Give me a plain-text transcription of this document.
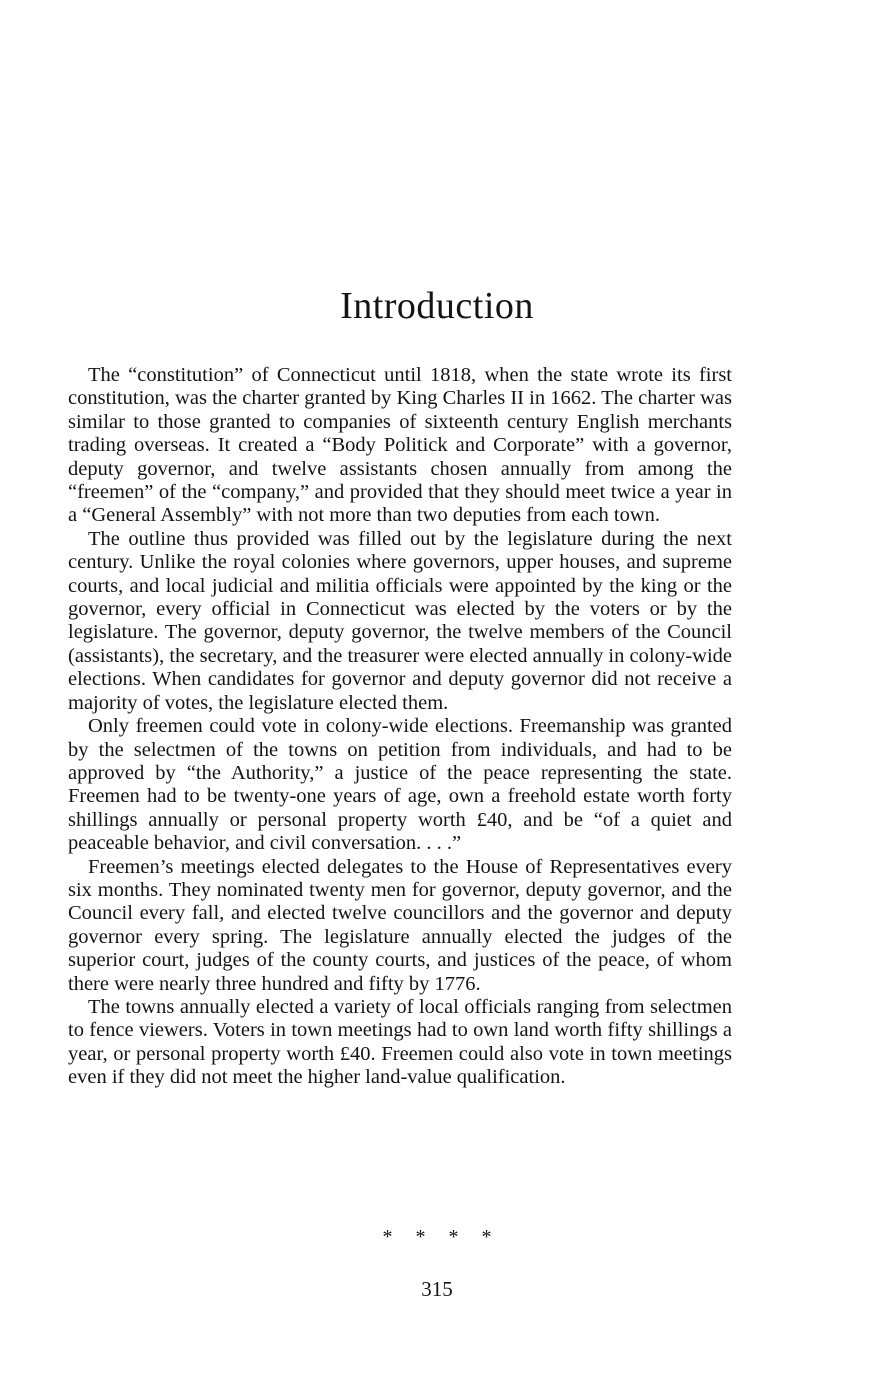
Introduction

The “constitution” of Connecticut until 1818, when the state wrote its first constitution, was the charter granted by King Charles II in 1662. The charter was similar to those granted to companies of sixteenth century English merchants trading overseas. It created a “Body Politick and Corporate” with a governor, deputy governor, and twelve assistants chosen annually from among the “freemen” of the “company,” and provided that they should meet twice a year in a “General Assembly” with not more than two deputies from each town.

The outline thus provided was filled out by the legislature during the next century. Unlike the royal colonies where governors, upper houses, and supreme courts, and local judicial and militia officials were appointed by the king or the governor, every official in Connecticut was elected by the voters or by the legislature. The governor, deputy governor, the twelve members of the Council (assistants), the secretary, and the treasurer were elected annually in colony-wide elections. When candidates for governor and deputy governor did not receive a majority of votes, the legislature elected them.

Only freemen could vote in colony-wide elections. Freemanship was granted by the selectmen of the towns on petition from individuals, and had to be approved by “the Authority,” a justice of the peace representing the state. Freemen had to be twenty-one years of age, own a freehold estate worth forty shillings annually or personal property worth £40, and be “of a quiet and peaceable behavior, and civil conversation. . . .”

Freemen’s meetings elected delegates to the House of Representatives every six months. They nominated twenty men for governor, deputy governor, and the Council every fall, and elected twelve councillors and the governor and deputy governor every spring. The legislature annually elected the judges of the superior court, judges of the county courts, and justices of the peace, of whom there were nearly three hundred and fifty by 1776.

The towns annually elected a variety of local officials ranging from selectmen to fence viewers. Voters in town meetings had to own land worth fifty shillings a year, or personal property worth £40. Freemen could also vote in town meetings even if they did not meet the higher land-value qualification.

* * * *
315
